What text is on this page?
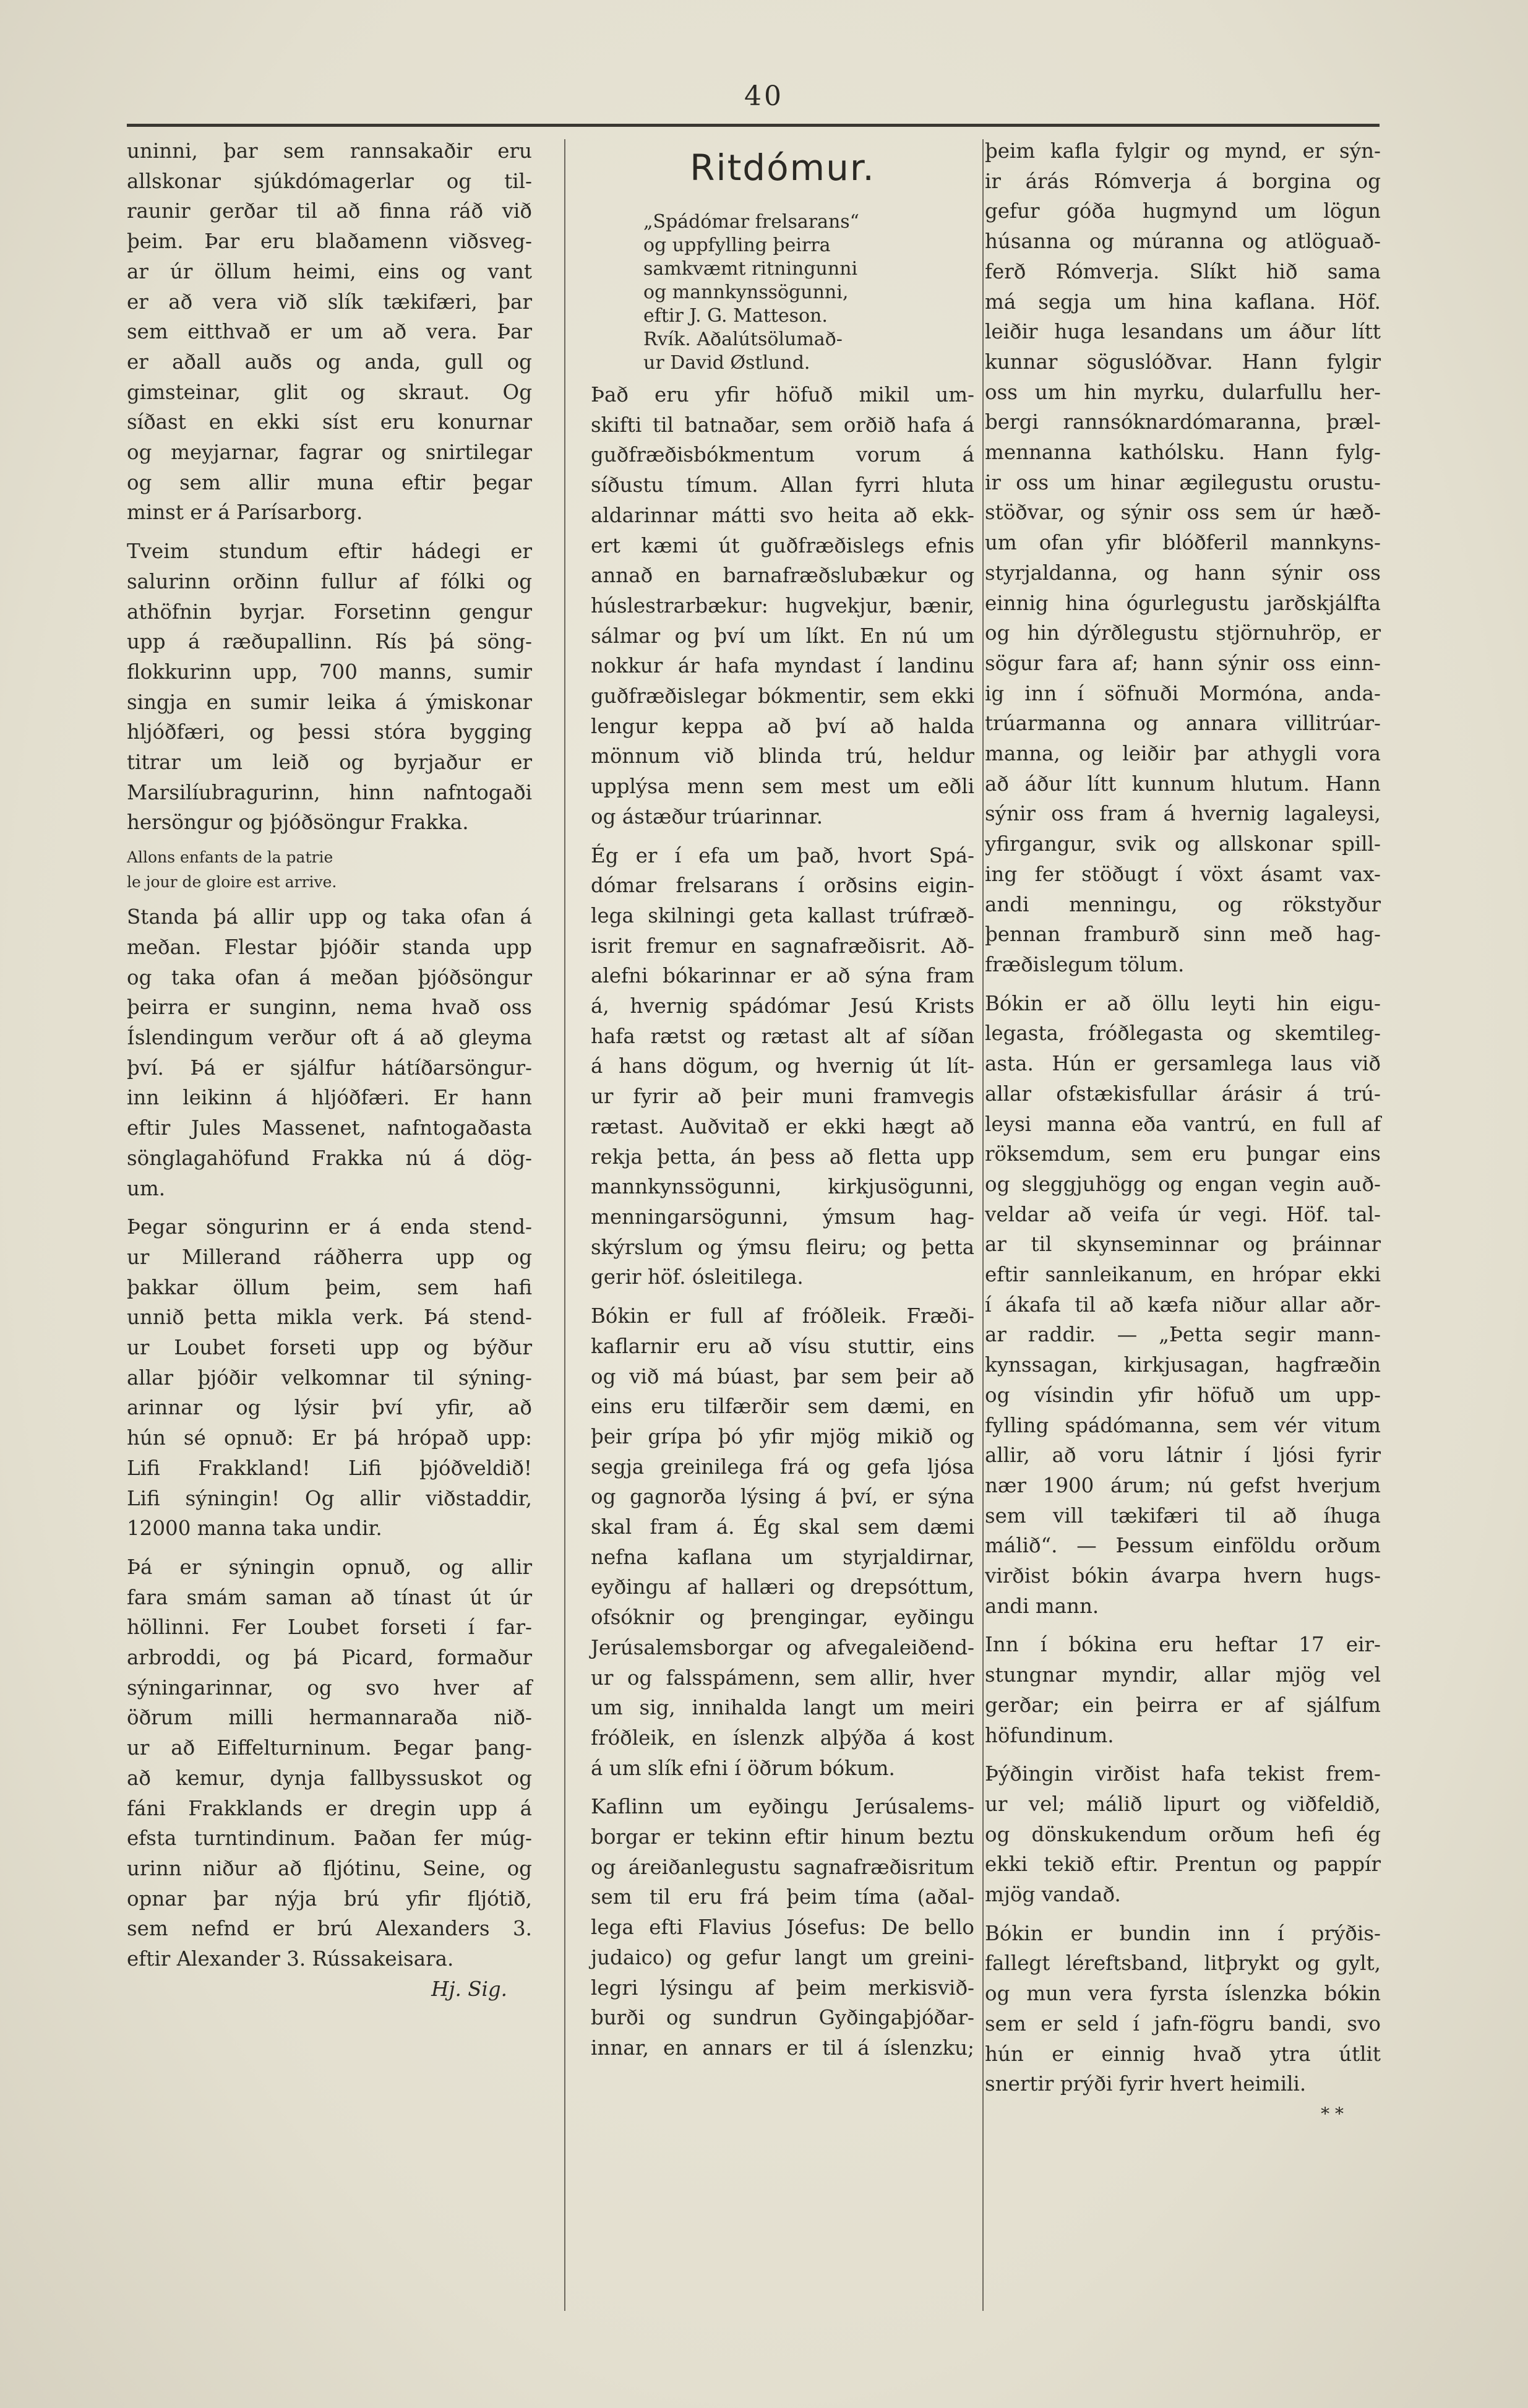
40

uninni, þar sem rannsakaðir eru
allskonar sjúkdómagerlar og til-
raunir gerðar til að finna ráð við
þeim. Þar eru blaðamenn viðsveg-
ar úr öllum heimi, eins og vant
er að vera við slík tækifæri, þar
sem eitthvað er um að vera. Þar
er aðall auðs og anda, gull og
gimsteinar, glit og skraut. Og
síðast en ekki síst eru konurnar
og meyjarnar, fagrar og snirtilegar
og sem allir muna eftir þegar
minst er á Parísarborg.

Tveim stundum eftir hádegi er
salurinn orðinn fullur af fólki og
athöfnin byrjar. Forsetinn gengur
upp á ræðupallinn. Rís þá söng-
flokkurinn upp, 700 manns, sumir
singja en sumir leika á ýmiskonar
hljóðfæri, og þessi stóra bygging
titrar um leið og byrjaður er
Marsilíubragurinn, hinn nafntogaði
hersöngur og þjóðsöngur Frakka.

Allons enfants de la patrie
le jour de gloire est arrive.

Standa þá allir upp og taka ofan á
meðan. Flestar þjóðir standa upp
og taka ofan á meðan þjóðsöngur
þeirra er sunginn, nema hvað oss
Íslendingum verður oft á að gleyma
því. Þá er sjálfur hátíðarsöngur-
inn leikinn á hljóðfæri. Er hann
eftir Jules Massenet, nafntogaðasta
sönglagahöfund Frakka nú á dög-
um.

Þegar söngurinn er á enda stend-
ur Millerand ráðherra upp og
þakkar öllum þeim, sem hafi
unnið þetta mikla verk. Þá stend-
ur Loubet forseti upp og býður
allar þjóðir velkomnar til sýning-
arinnar og lýsir því yfir, að
hún sé opnuð: Er þá hrópað upp:
Lifi Frakkland! Lifi þjóðveldið!
Lifi sýningin! Og allir viðstaddir,
12000 manna taka undir.

Þá er sýningin opnuð, og allir
fara smám saman að tínast út úr
höllinni. Fer Loubet forseti í far-
arbroddi, og þá Picard, formaður
sýningarinnar, og svo hver af
öðrum milli hermannaraða nið-
ur að Eiffelturninum. Þegar þang-
að kemur, dynja fallbyssuskot og
fáni Frakklands er dregin upp á
efsta turntindinum. Þaðan fer múg-
urinn niður að fljótinu, Seine, og
opnar þar nýja brú yfir fljótið,
sem nefnd er brú Alexanders 3.
eftir Alexander 3. Rússakeisara.

Hj. Sig.
Ritdómur.
„Spádómar frelsarans“
og uppfylling þeirra
samkvæmt ritningunni
og mannkynssögunni,
eftir J. G. Matteson.
Rvík. Aðalútsölumað-
ur David Østlund.

Það eru yfir höfuð mikil um-
skifti til batnaðar, sem orðið hafa á
guðfræðisbókmentum vorum á
síðustu tímum. Allan fyrri hluta
aldarinnar mátti svo heita að ekk-
ert kæmi út guðfræðislegs efnis
annað en barnafræðslubækur og
húslestrarbækur: hugvekjur, bænir,
sálmar og því um líkt. En nú um
nokkur ár hafa myndast í landinu
guðfræðislegar bókmentir, sem ekki
lengur keppa að því að halda
mönnum við blinda trú, heldur
upplýsa menn sem mest um eðli
og ástæður trúarinnar.

Ég er í efa um það, hvort Spá-
dómar frelsarans í orðsins eigin-
lega skilningi geta kallast trúfræð-
isrit fremur en sagnafræðisrit. Að-
alefni bókarinnar er að sýna fram
á, hvernig spádómar Jesú Krists
hafa rætst og rætast alt af síðan
á hans dögum, og hvernig út lít-
ur fyrir að þeir muni framvegis
rætast. Auðvitað er ekki hægt að
rekja þetta, án þess að fletta upp
mannkynssögunni, kirkjusögunni,
menningarsögunni, ýmsum hag-
skýrslum og ýmsu fleiru; og þetta
gerir höf. ósleitilega.

Bókin er full af fróðleik. Fræði-
kaflarnir eru að vísu stuttir, eins
og við má búast, þar sem þeir að
eins eru tilfærðir sem dæmi, en
þeir grípa þó yfir mjög mikið og
segja greinilega frá og gefa ljósa
og gagnorða lýsing á því, er sýna
skal fram á. Ég skal sem dæmi
nefna kaflana um styrjaldirnar,
eyðingu af hallæri og drepsóttum,
ofsóknir og þrengingar, eyðingu
Jerúsalemsborgar og afvegaleiðend-
ur og falsspámenn, sem allir, hver
um sig, innihalda langt um meiri
fróðleik, en íslenzk alþýða á kost
á um slík efni í öðrum bókum.

Kaflinn um eyðingu Jerúsalems-
borgar er tekinn eftir hinum beztu
og áreiðanlegustu sagnafræðisritum
sem til eru frá þeim tíma (aðal-
lega efti Flavius Jósefus: De bello
judaico) og gefur langt um greini-
legri lýsingu af þeim merkisvið-
burði og sundrun Gyðingaþjóðar-
innar, en annars er til á íslenzku;

þeim kafla fylgir og mynd, er sýn-
ir árás Rómverja á borgina og
gefur góða hugmynd um lögun
húsanna og múranna og atlöguað-
ferð Rómverja. Slíkt hið sama
má segja um hina kaflana. Höf.
leiðir huga lesandans um áður lítt
kunnar söguslóðvar. Hann fylgir
oss um hin myrku, dularfullu her-
bergi rannsóknardómaranna, þræl-
mennanna kathólsku. Hann fylg-
ir oss um hinar ægilegustu orustu-
stöðvar, og sýnir oss sem úr hæð-
um ofan yfir blóðferil mannkyns-
styrjaldanna, og hann sýnir oss
einnig hina ógurlegustu jarðskjálfta
og hin dýrðlegustu stjörnuhröp, er
sögur fara af; hann sýnir oss einn-
ig inn í söfnuði Mormóna, anda-
trúarmanna og annara villitrúar-
manna, og leiðir þar athygli vora
að áður lítt kunnum hlutum. Hann
sýnir oss fram á hvernig lagaleysi,
yfirgangur, svik og allskonar spill-
ing fer stöðugt í vöxt ásamt vax-
andi menningu, og rökstyður
þennan framburð sinn með hag-
fræðislegum tölum.

Bókin er að öllu leyti hin eigu-
legasta, fróðlegasta og skemtileg-
asta. Hún er gersamlega laus við
allar ofstækisfullar árásir á trú-
leysi manna eða vantrú, en full af
röksemdum, sem eru þungar eins
og sleggjuhögg og engan vegin auð-
veldar að veifa úr vegi. Höf. tal-
ar til skynseminnar og þráinnar
eftir sannleikanum, en hrópar ekki
í ákafa til að kæfa niður allar aðr-
ar raddir. — „Þetta segir mann-
kynssagan, kirkjusagan, hagfræðin
og vísindin yfir höfuð um upp-
fylling spádómanna, sem vér vitum
allir, að voru látnir í ljósi fyrir
nær 1900 árum; nú gefst hverjum
sem vill tækifæri til að íhuga
málið“. — Þessum einföldu orðum
virðist bókin ávarpa hvern hugs-
andi mann.

Inn í bókina eru heftar 17 eir-
stungnar myndir, allar mjög vel
gerðar; ein þeirra er af sjálfum
höfundinum.

Þýðingin virðist hafa tekist frem-
ur vel; málið lipurt og viðfeldið,
og dönskukendum orðum hefi ég
ekki tekið eftir. Prentun og pappír
mjög vandað.

Bókin er bundin inn í prýðis-
fallegt léreftsband, litþrykt og gylt,
og mun vera fyrsta íslenzka bókin
sem er seld í jafn-fögru bandi, svo
hún er einnig hvað ytra útlit
snertir prýði fyrir hvert heimili.

* *
